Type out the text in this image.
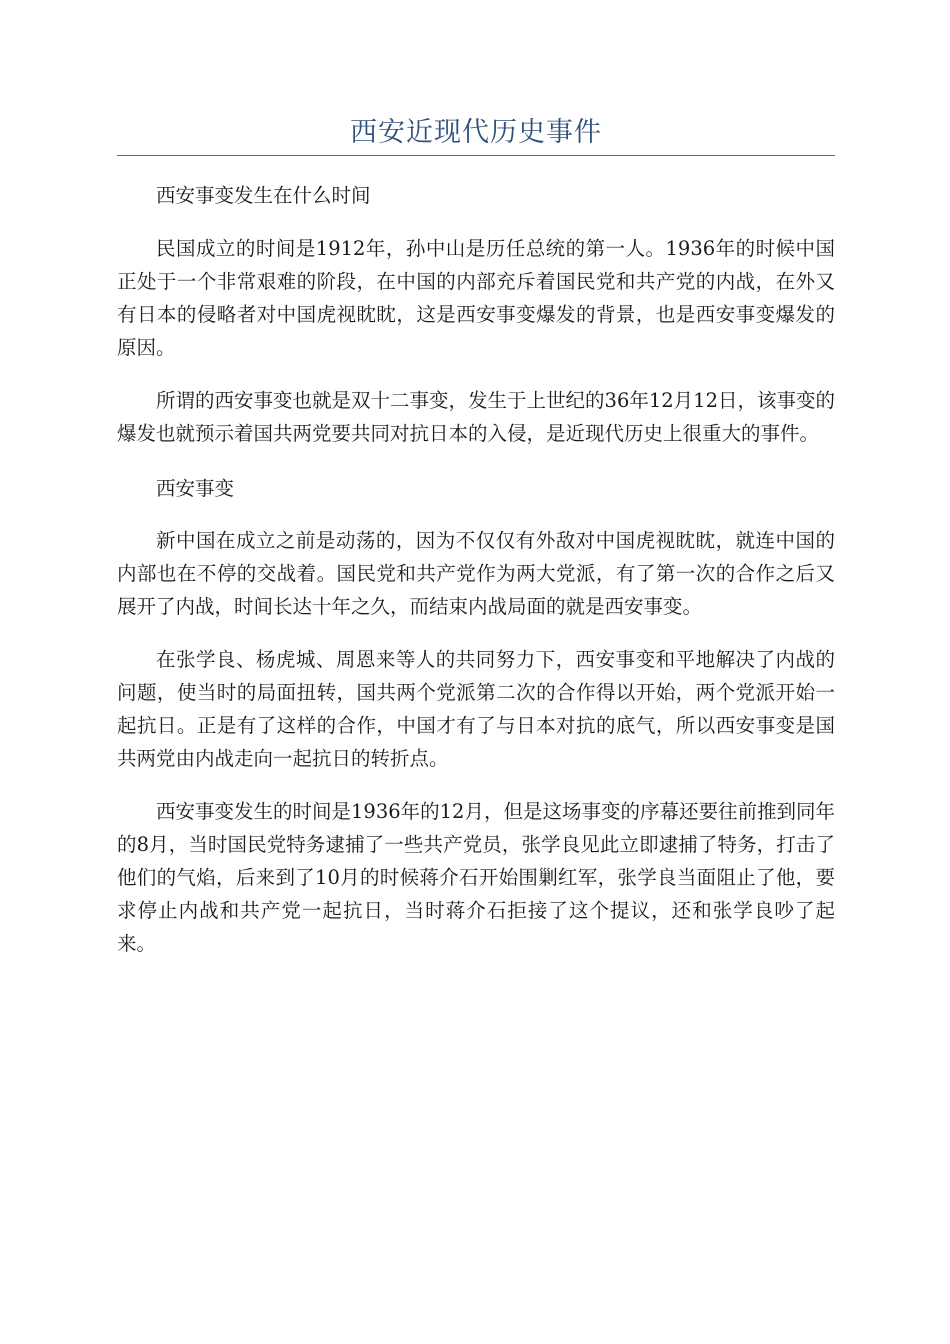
西安近现代历史事件

西安事变发生在什么时间

民国成立的时间是1912年，孙中山是历任总统的第一人。1936年的时候中国正处于一个非常艰难的阶段，在中国的内部充斥着国民党和共产党的内战，在外又有日本的侵略者对中国虎视眈眈，这是西安事变爆发的背景，也是西安事变爆发的原因。

所谓的西安事变也就是双十二事变，发生于上世纪的36年12月12日，该事变的爆发也就预示着国共两党要共同对抗日本的入侵，是近现代历史上很重大的事件。

西安事变

新中国在成立之前是动荡的，因为不仅仅有外敌对中国虎视眈眈，就连中国的内部也在不停的交战着。国民党和共产党作为两大党派，有了第一次的合作之后又展开了内战，时间长达十年之久，而结束内战局面的就是西安事变。

在张学良、杨虎城、周恩来等人的共同努力下，西安事变和平地解决了内战的问题，使当时的局面扭转，国共两个党派第二次的合作得以开始，两个党派开始一起抗日。正是有了这样的合作，中国才有了与日本对抗的底气，所以西安事变是国共两党由内战走向一起抗日的转折点。

西安事变发生的时间是1936年的12月，但是这场事变的序幕还要往前推到同年的8月，当时国民党特务逮捕了一些共产党员，张学良见此立即逮捕了特务，打击了他们的气焰，后来到了10月的时候蒋介石开始围剿红军，张学良当面阻止了他，要求停止内战和共产党一起抗日，当时蒋介石拒接了这个提议，还和张学良吵了起来。
